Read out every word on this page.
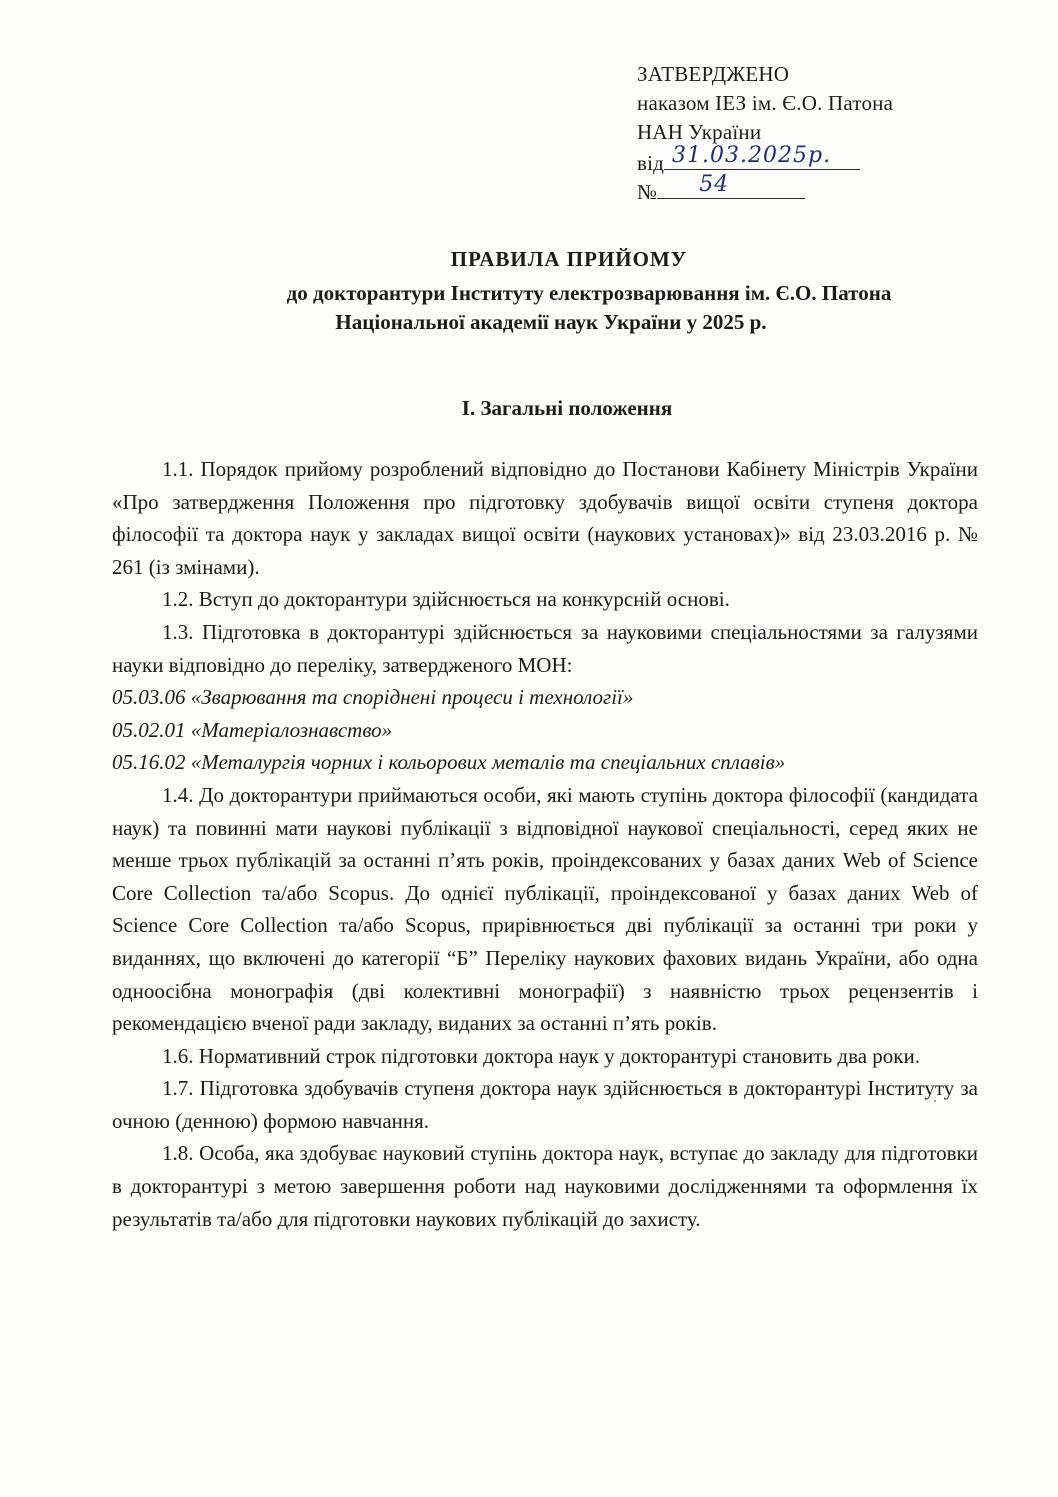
ЗАТВЕРДЖЕНО
наказом ІЕЗ ім. Є.О. Патона
НАН України
від 31.03.2025р.
№ 54
ПРАВИЛА ПРИЙОМУ
до докторантури Інституту електрозварювання ім. Є.О. Патона
Національної академії наук України у 2025 р.
І. Загальні положення

1.1. Порядок прийому розроблений відповідно до Постанови Кабінету Міністрів України «Про затвердження Положення про підготовку здобувачів вищої освіти ступеня доктора філософії та доктора наук у закладах вищої освіти (наукових установах)» від 23.03.2016 р. № 261 (із змінами).

1.2. Вступ до докторантури здійснюється на конкурсній основі.

1.3. Підготовка в докторантурі здійснюється за науковими спеціальностями за галузями науки відповідно до переліку, затвердженого МОН:

05.03.06 «Зварювання та споріднені процеси і технології»

05.02.01 «Матеріалознавство»

05.16.02 «Металургія чорних і кольорових металів та спеціальних сплавів»

1.4. До докторантури приймаються особи, які мають ступінь доктора філософії (кандидата наук) та повинні мати наукові публікації з відповідної наукової спеціальності, серед яких не менше трьох публікацій за останні п’ять років, проіндексованих у базах даних Web of Science Core Collection та/або Scopus. До однієї публікації, проіндексованої у базах даних Web of Science Core Collection та/або Scopus, прирівнюється дві публікації за останні три роки у виданнях, що включені до категорії “Б” Переліку наукових фахових видань України, або одна одноосібна монографія (дві колективні монографії) з наявністю трьох рецензентів і рекомендацією вченої ради закладу, виданих за останні п’ять років.

1.6. Нормативний строк підготовки доктора наук у докторантурі становить два роки.

1.7. Підготовка здобувачів ступеня доктора наук здійснюється в докторантурі Інституту за очною (денною) формою навчання.

1.8. Особа, яка здобуває науковий ступінь доктора наук, вступає до закладу для підготовки в докторантурі з метою завершення роботи над науковими дослідженнями та оформлення їх результатів та/або для підготовки наукових публікацій до захисту.
